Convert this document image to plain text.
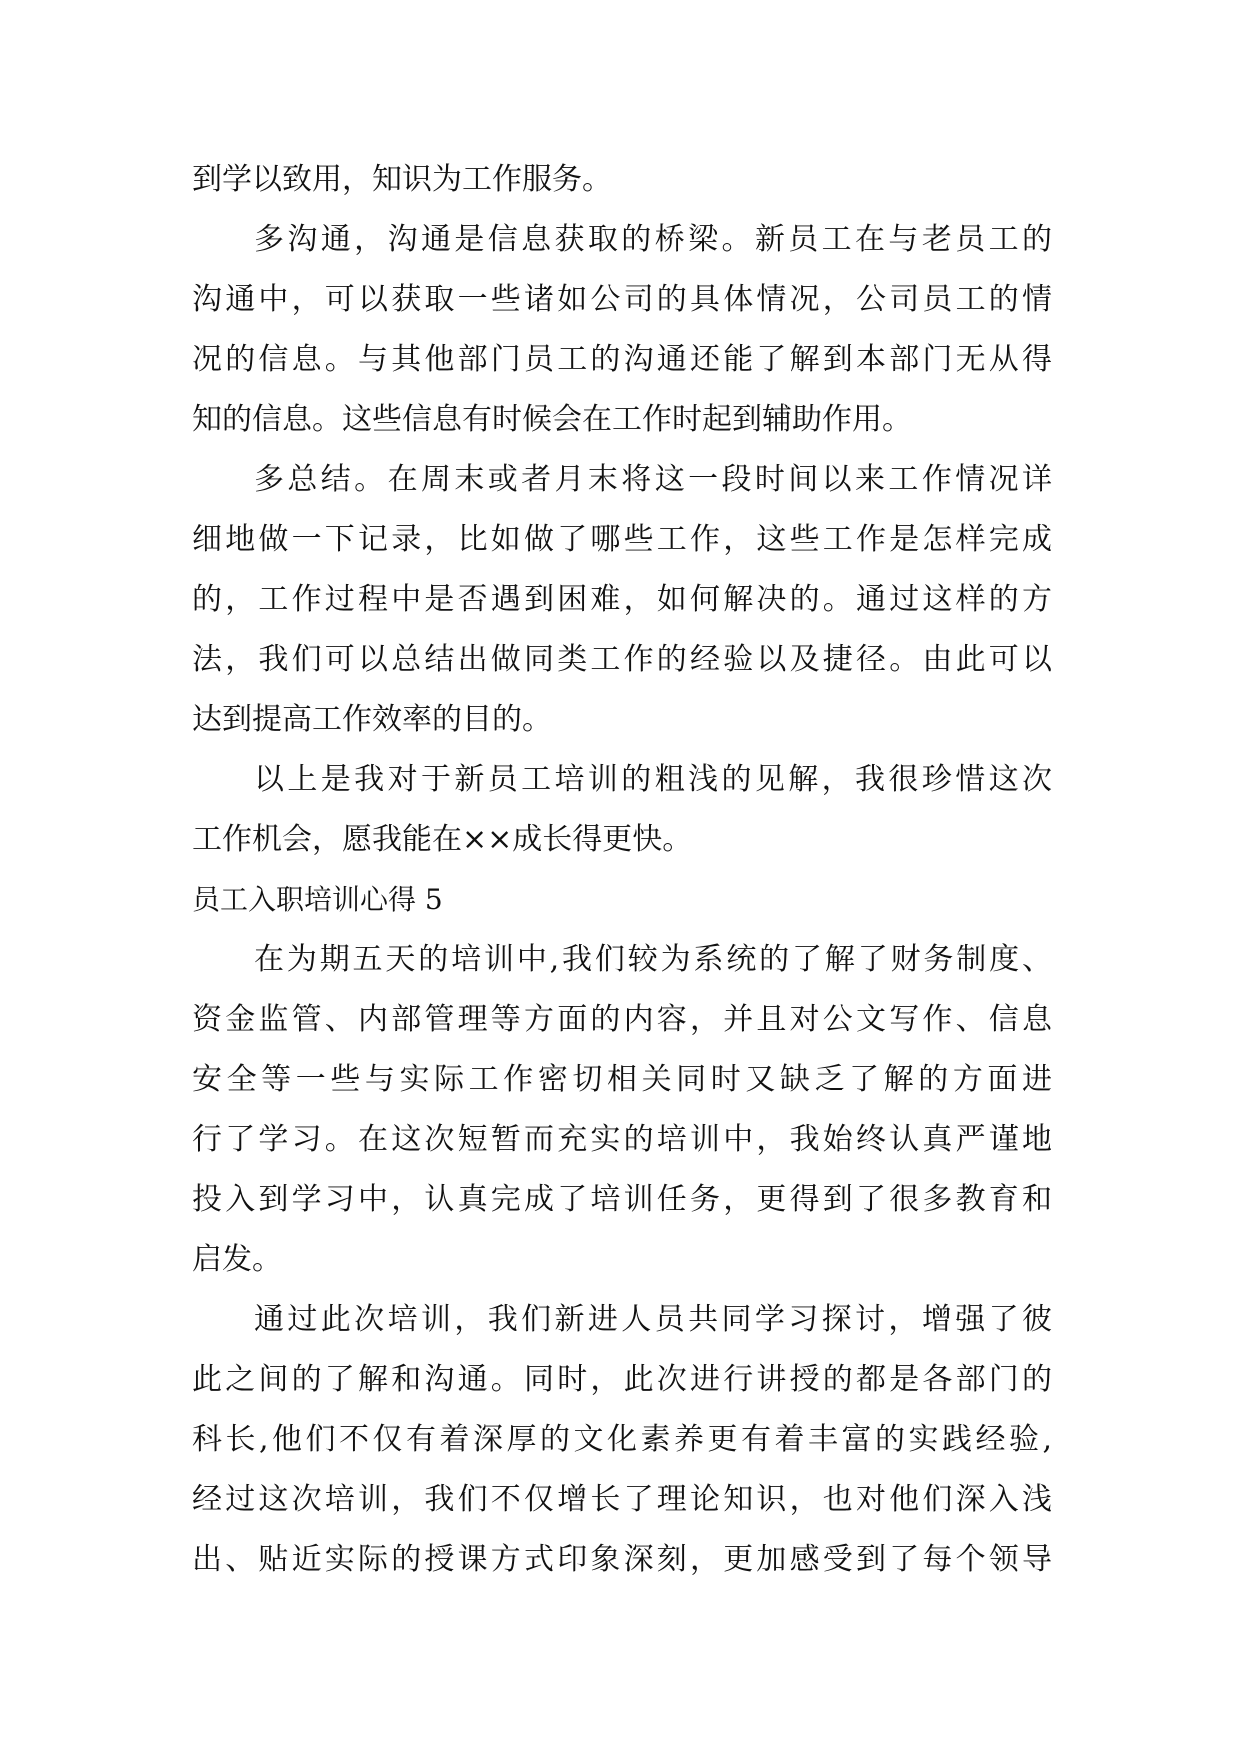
到学以致用，知识为工作服务。
多沟通，沟通是信息获取的桥梁。新员工在与老员工的
沟通中，可以获取一些诸如公司的具体情况，公司员工的情
况的信息。与其他部门员工的沟通还能了解到本部门无从得
知的信息。这些信息有时候会在工作时起到辅助作用。
多总结。在周末或者月末将这一段时间以来工作情况详
细地做一下记录，比如做了哪些工作，这些工作是怎样完成
的，工作过程中是否遇到困难，如何解决的。通过这样的方
法，我们可以总结出做同类工作的经验以及捷径。由此可以
达到提高工作效率的目的。
以上是我对于新员工培训的粗浅的见解，我很珍惜这次
工作机会，愿我能在××成长得更快。
员工入职培训心得 5
在为期五天的培训中,我们较为系统的了解了财务制度、
资金监管、内部管理等方面的内容，并且对公文写作、信息
安全等一些与实际工作密切相关同时又缺乏了解的方面进
行了学习。在这次短暂而充实的培训中，我始终认真严谨地
投入到学习中，认真完成了培训任务，更得到了很多教育和
启发。
通过此次培训，我们新进人员共同学习探讨，增强了彼
此之间的了解和沟通。同时，此次进行讲授的都是各部门的
科长,他们不仅有着深厚的文化素养更有着丰富的实践经验,
经过这次培训，我们不仅增长了理论知识，也对他们深入浅
出、贴近实际的授课方式印象深刻，更加感受到了每个领导
